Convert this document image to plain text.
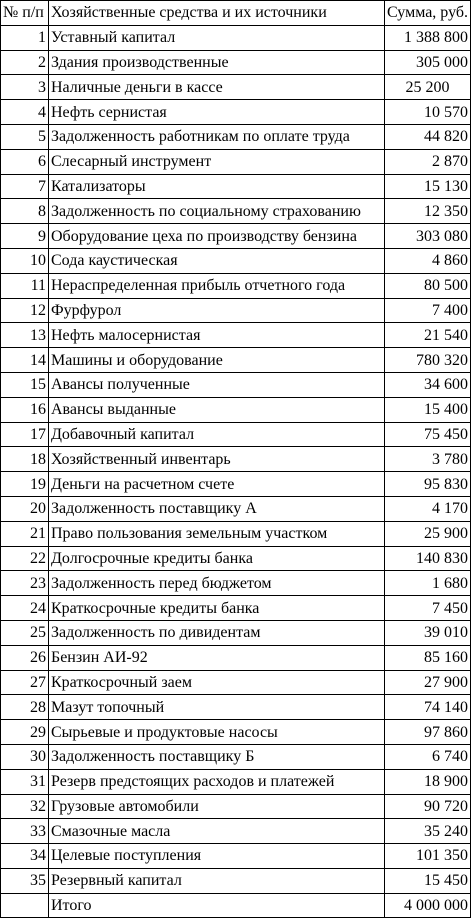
№ п/п	Хозяйственные средства и их источники	Сумма, руб.
1	Уставный капитал	1 388 800
2	Здания производственные	305 000
3	Наличные деньги в кассе	25 200
4	Нефть сернистая	10 570
5	Задолженность работникам по оплате труда	44 820
6	Слесарный инструмент	2 870
7	Катализаторы	15 130
8	Задолженность по социальному страхованию	12 350
9	Оборудование цеха по производству бензина	303 080
10	Сода каустическая	4 860
11	Нераспределенная прибыль отчетного года	80 500
12	Фурфурол	7 400
13	Нефть малосернистая	21 540
14	Машины и оборудование	780 320
15	Авансы полученные	34 600
16	Авансы выданные	15 400
17	Добавочный капитал	75 450
18	Хозяйственный инвентарь	3 780
19	Деньги на расчетном счете	95 830
20	Задолженность поставщику А	4 170
21	Право пользования земельным участком	25 900
22	Долгосрочные кредиты банка	140 830
23	Задолженность перед бюджетом	1 680
24	Краткосрочные кредиты банка	7 450
25	Задолженность по дивидентам	39 010
26	Бензин АИ-92	85 160
27	Краткосрочный заем	27 900
28	Мазут топочный	74 140
29	Сырьевые и продуктовые насосы	97 860
30	Задолженность поставщику Б	6 740
31	Резерв предстоящих расходов и платежей	18 900
32	Грузовые автомобили	90 720
33	Смазочные масла	35 240
34	Целевые поступления	101 350
35	Резервный капитал	15 450
	Итого	4 000 000
